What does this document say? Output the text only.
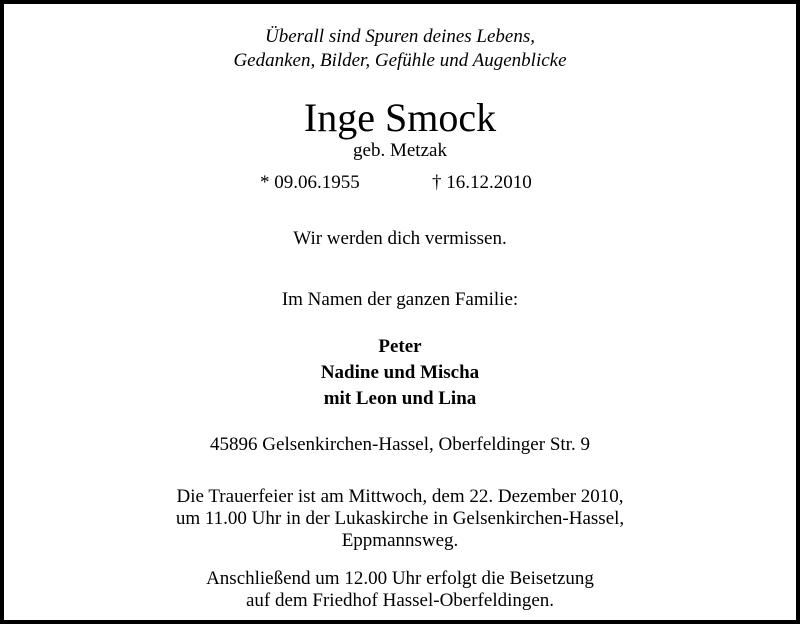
Überall sind Spuren deines Lebens,
Gedanken, Bilder, Gefühle und Augenblicke
Inge Smock
geb. Metzak
* 09.06.1955	† 16.12.2010
Wir werden dich vermissen.
Im Namen der ganzen Familie:
Peter
Nadine und Mischa
mit Leon und Lina
45896 Gelsenkirchen-Hassel, Oberfeldinger Str. 9
Die Trauerfeier ist am Mittwoch, dem 22. Dezember 2010,
um 11.00 Uhr in der Lukaskirche in Gelsenkirchen-Hassel,
Eppmannsweg.
Anschließend um 12.00 Uhr erfolgt die Beisetzung
auf dem Friedhof Hassel-Oberfeldingen.
